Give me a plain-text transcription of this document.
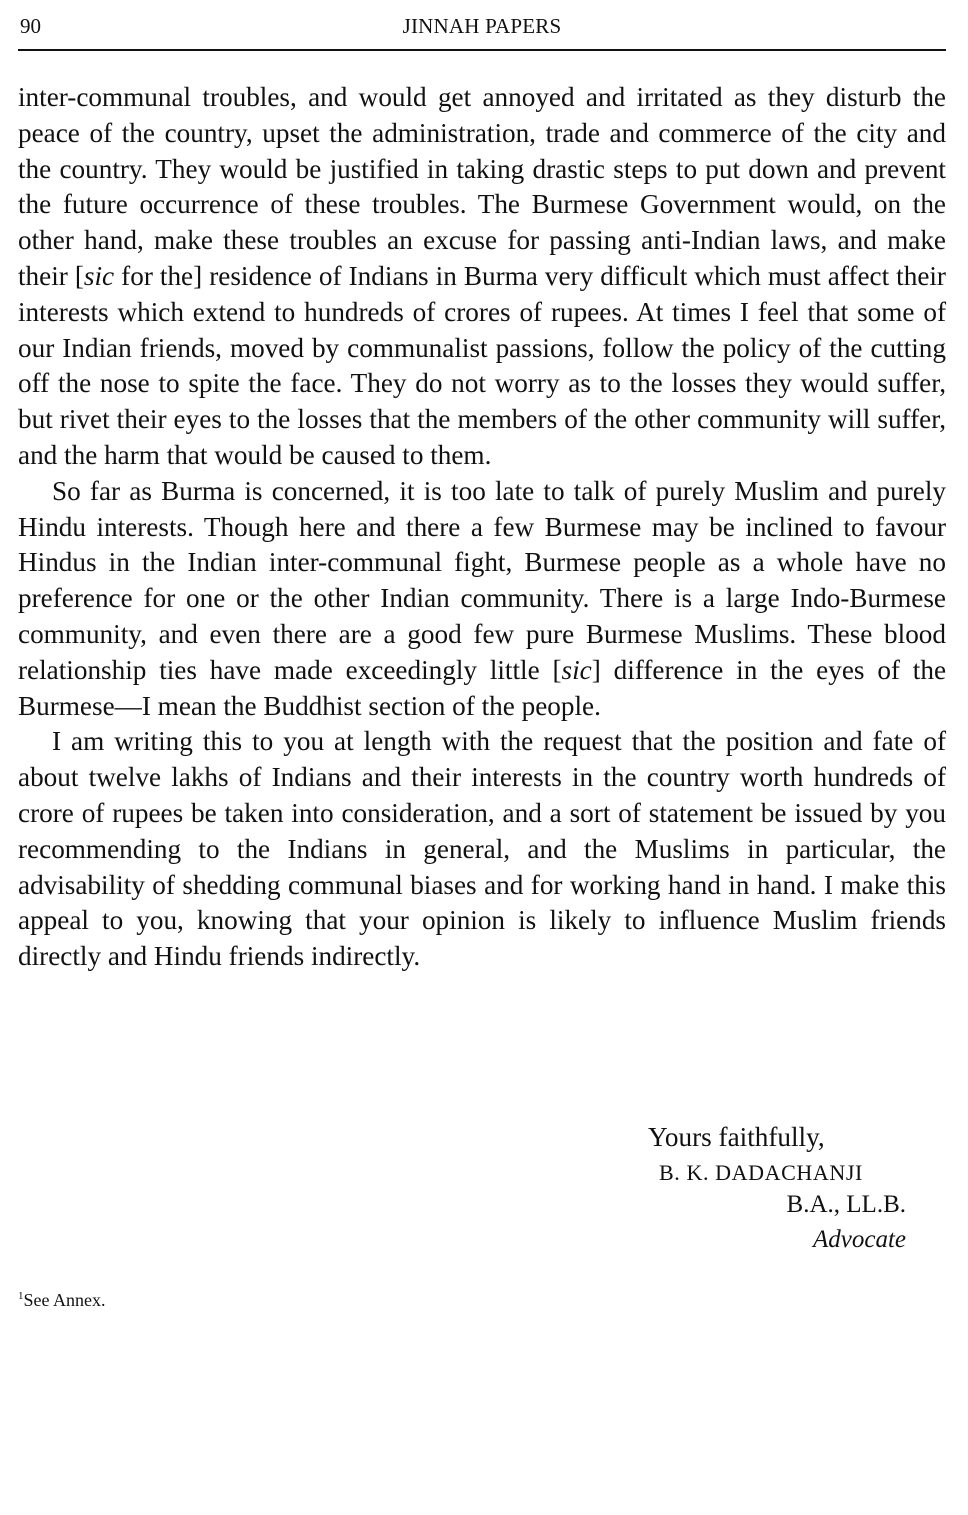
90	JINNAH PAPERS

inter-communal troubles, and would get annoyed and irritated as they disturb the peace of the country, upset the administration, trade and commerce of the city and the country. They would be justified in taking drastic steps to put down and prevent the future occurrence of these troubles. The Burmese Government would, on the other hand, make these troubles an excuse for passing anti-Indian laws, and make their [sic for the] residence of Indians in Burma very difficult which must affect their interests which extend to hundreds of crores of rupees. At times I feel that some of our Indian friends, moved by communalist passions, follow the policy of the cutting off the nose to spite the face. They do not worry as to the losses they would suffer, but rivet their eyes to the losses that the members of the other community will suffer, and the harm that would be caused to them.

So far as Burma is concerned, it is too late to talk of purely Muslim and purely Hindu interests. Though here and there a few Burmese may be inclined to favour Hindus in the Indian inter-communal fight, Burmese people as a whole have no preference for one or the other Indian community. There is a large Indo-Burmese community, and even there are a good few pure Burmese Muslims. These blood relationship ties have made exceedingly little [sic] difference in the eyes of the Burmese—I mean the Buddhist section of the people.

I am writing this to you at length with the request that the position and fate of about twelve lakhs of Indians and their interests in the country worth hundreds of crore of rupees be taken into consideration, and a sort of statement be issued by you recommending to the Indians in general, and the Muslims in particular, the advisability of shedding communal biases and for working hand in hand. I make this appeal to you, knowing that your opinion is likely to influence Muslim friends directly and Hindu friends indirectly.

Yours faithfully,
B. K. DADACHANJI
B.A., LL.B.
Advocate
$^1$See Annex.
